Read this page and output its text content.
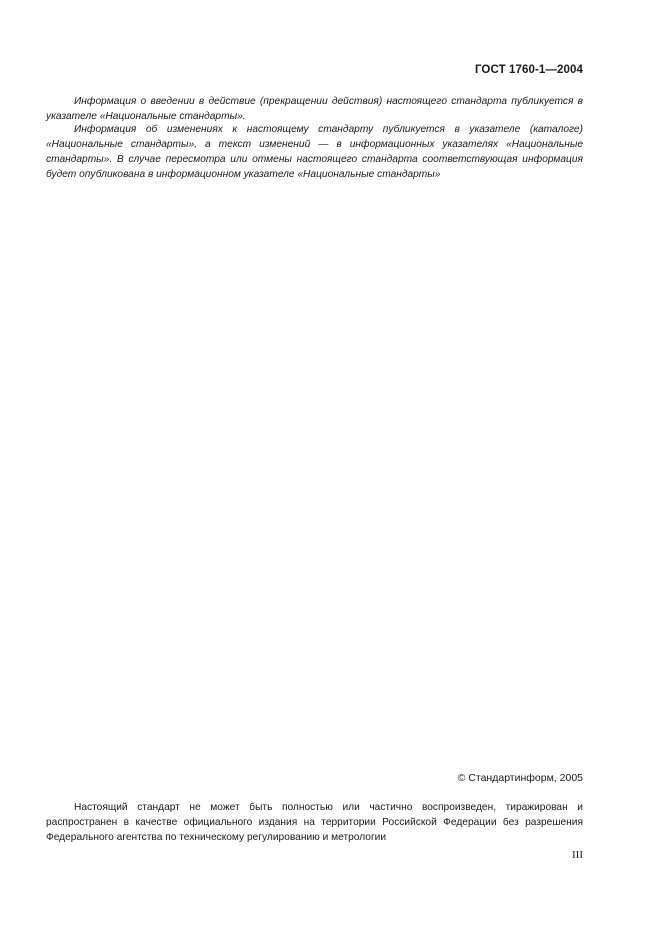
ГОСТ 1760-1—2004

Информация о введении в действие (прекращении действия) настоящего стандарта публикуется в указателе «Национальные стандарты».

Информация об изменениях к настоящему стандарту публикуется в указателе (каталоге) «Национальные стандарты», а текст изменений — в информационных указателях «Национальные стандарты». В случае пересмотра или отмены настоящего стандарта соответствующая информация будет опубликована в информационном указателе «Национальные стандарты»

© Стандартинформ, 2005

Настоящий стандарт не может быть полностью или частично воспроизведен, тиражирован и распространен в качестве официального издания на территории Российской Федерации без разрешения Федерального агентства по техническому регулированию и метрологии

III
